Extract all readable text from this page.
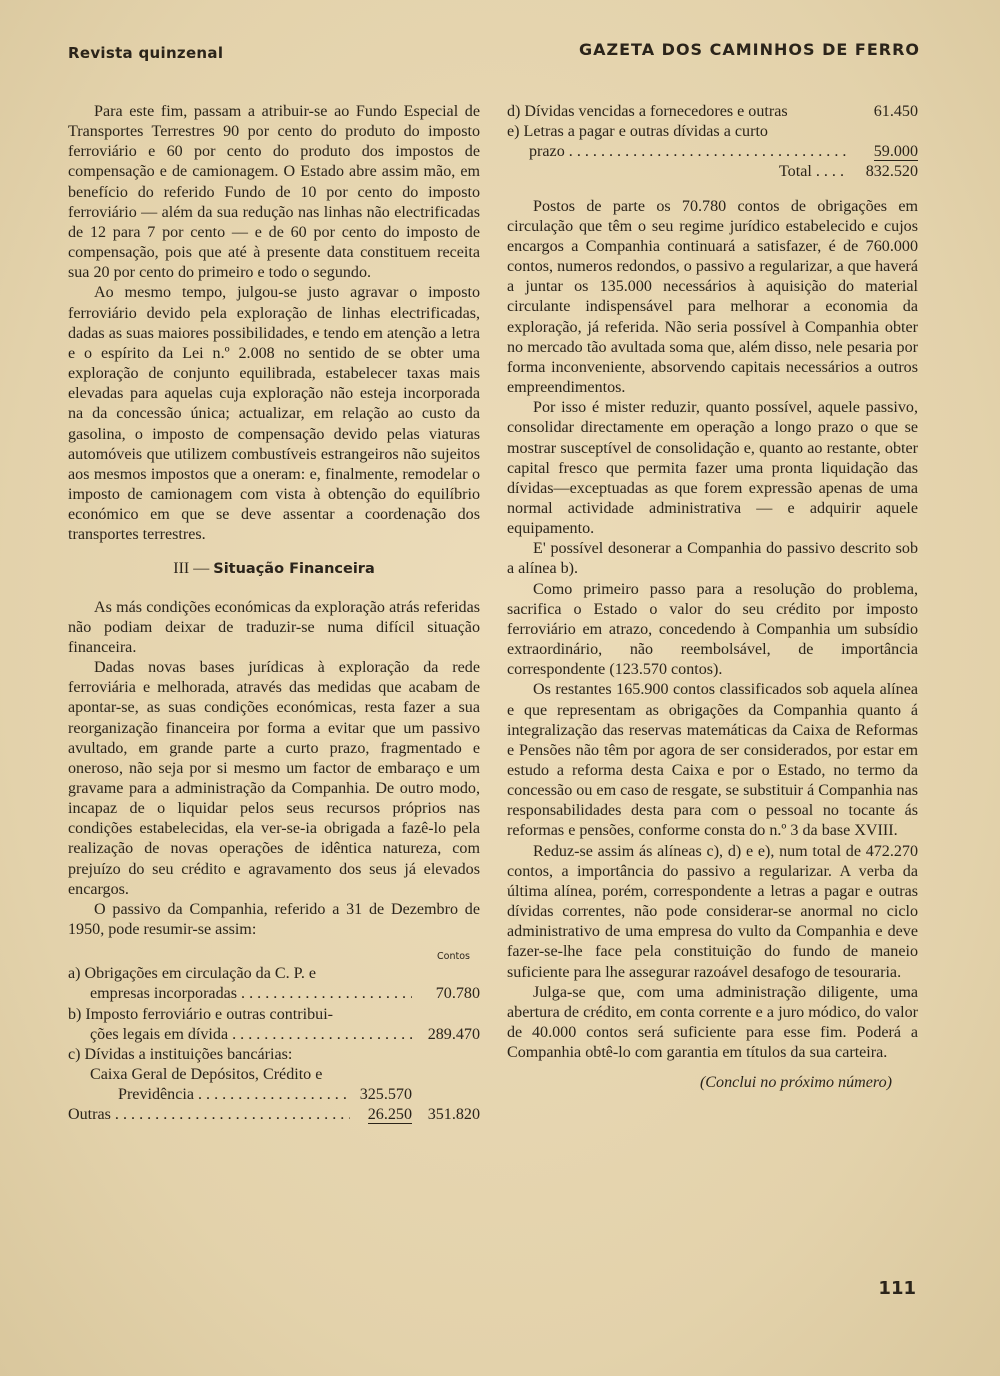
Revista quinzenal	GAZETA DOS CAMINHOS DE FERRO

Para este fim, passam a atribuir-se ao Fundo Especial de Transportes Terrestres 90 por cento do produto do imposto ferroviário e 60 por cento do produto dos impostos de compensação e de camionagem. O Estado abre assim mão, em benefício do referido Fundo de 10 por cento do imposto ferroviário — além da sua redução nas linhas não electrificadas de 12 para 7 por cento — e de 60 por cento do imposto de compensação, pois que até à presente data constituem receita sua 20 por cento do primeiro e todo o segundo.

Ao mesmo tempo, julgou-se justo agravar o imposto ferroviário devido pela exploração de linhas electrificadas, dadas as suas maiores possibilidades, e tendo em atenção a letra e o espírito da Lei n.º 2.008 no sentido de se obter uma exploração de conjunto equilibrada, estabelecer taxas mais elevadas para aquelas cuja exploração não esteja incorporada na da concessão única; actualizar, em relação ao custo da gasolina, o imposto de compensação devido pelas viaturas automóveis que utilizem combustíveis estrangeiros não sujeitos aos mesmos impostos que a oneram: e, finalmente, remodelar o imposto de camionagem com vista à obtenção do equilíbrio económico em que se deve assentar a coordenação dos transportes terrestres.

III — Situação Financeira

As más condições económicas da exploração atrás referidas não podiam deixar de traduzir-se numa difícil situação financeira.

Dadas novas bases jurídicas à exploração da rede ferroviária e melhorada, através das medidas que acabam de apontar-se, as suas condições económicas, resta fazer a sua reorganização financeira por forma a evitar que um passivo avultado, em grande parte a curto prazo, fragmentado e oneroso, não seja por si mesmo um factor de embaraço e um gravame para a administração da Companhia. De outro modo, incapaz de o liquidar pelos seus recursos próprios nas condições estabelecidas, ela ver-se-ia obrigada a fazê-lo pela realização de novas operações de idêntica natureza, com prejuízo do seu crédito e agravamento dos seus já elevados encargos.

O passivo da Companhia, referido a 31 de Dezembro de 1950, pode resumir-se assim:

Contos
a) Obrigações em circulação da C. P. e
empresas incorporadas . . .	70.780
b) Imposto ferroviário e outras contribui-
ções legais em dívida . . .	289.470
c) Dívidas a instituições bancárias:
Caixa Geral de Depósitos, Crédito e
Previdência . . .	325.570
Outras . . .	26.250 351.820
d) Dívidas vencidas a fornecedores e outras	61.450
e) Letras a pagar e outras dívidas a curto
prazo . . .	59.000
Total . . . .	832.520

Postos de parte os 70.780 contos de obrigações em circulação que têm o seu regime jurídico estabelecido e cujos encargos a Companhia continuará a satisfazer, é de 760.000 contos, numeros redondos, o passivo a regularizar, a que haverá a juntar os 135.000 necessários à aquisição do material circulante indispensável para melhorar a economia da exploração, já referida. Não seria possível à Companhia obter no mercado tão avultada soma que, além disso, nele pesaria por forma inconveniente, absorvendo capitais necessários a outros empreendimentos.

Por isso é mister reduzir, quanto possível, aquele passivo, consolidar directamente em operação a longo prazo o que se mostrar susceptível de consolidação e, quanto ao restante, obter capital fresco que permita fazer uma pronta liquidação das dívidas—exceptuadas as que forem expressão apenas de uma normal actividade administrativa — e adquirir aquele equipamento.

E' possível desonerar a Companhia do passivo descrito sob a alínea b).

Como primeiro passo para a resolução do problema, sacrifica o Estado o valor do seu crédito por imposto ferroviário em atrazo, concedendo à Companhia um subsídio extraordinário, não reembolsável, de importância correspondente (123.570 contos).

Os restantes 165.900 contos classificados sob aquela alínea e que representam as obrigações da Companhia quanto á integralização das reservas matemáticas da Caixa de Reformas e Pensões não têm por agora de ser considerados, por estar em estudo a reforma desta Caixa e por o Estado, no termo da concessão ou em caso de resgate, se substituir á Companhia nas responsabilidades desta para com o pessoal no tocante ás reformas e pensões, conforme consta do n.º 3 da base XVIII.

Reduz-se assim ás alíneas c), d) e e), num total de 472.270 contos, a importância do passivo a regularizar. A verba da última alínea, porém, correspondente a letras a pagar e outras dívidas correntes, não pode considerar-se anormal no ciclo administrativo de uma empresa do vulto da Companhia e deve fazer-se-lhe face pela constituição do fundo de maneio suficiente para lhe assegurar razoável desafogo de tesouraria.

Julga-se que, com uma administração diligente, uma abertura de crédito, em conta corrente e a juro módico, do valor de 40.000 contos será suficiente para esse fim. Poderá a Companhia obtê-lo com garantia em títulos da sua carteira.

(Conclui no próximo número)

111
